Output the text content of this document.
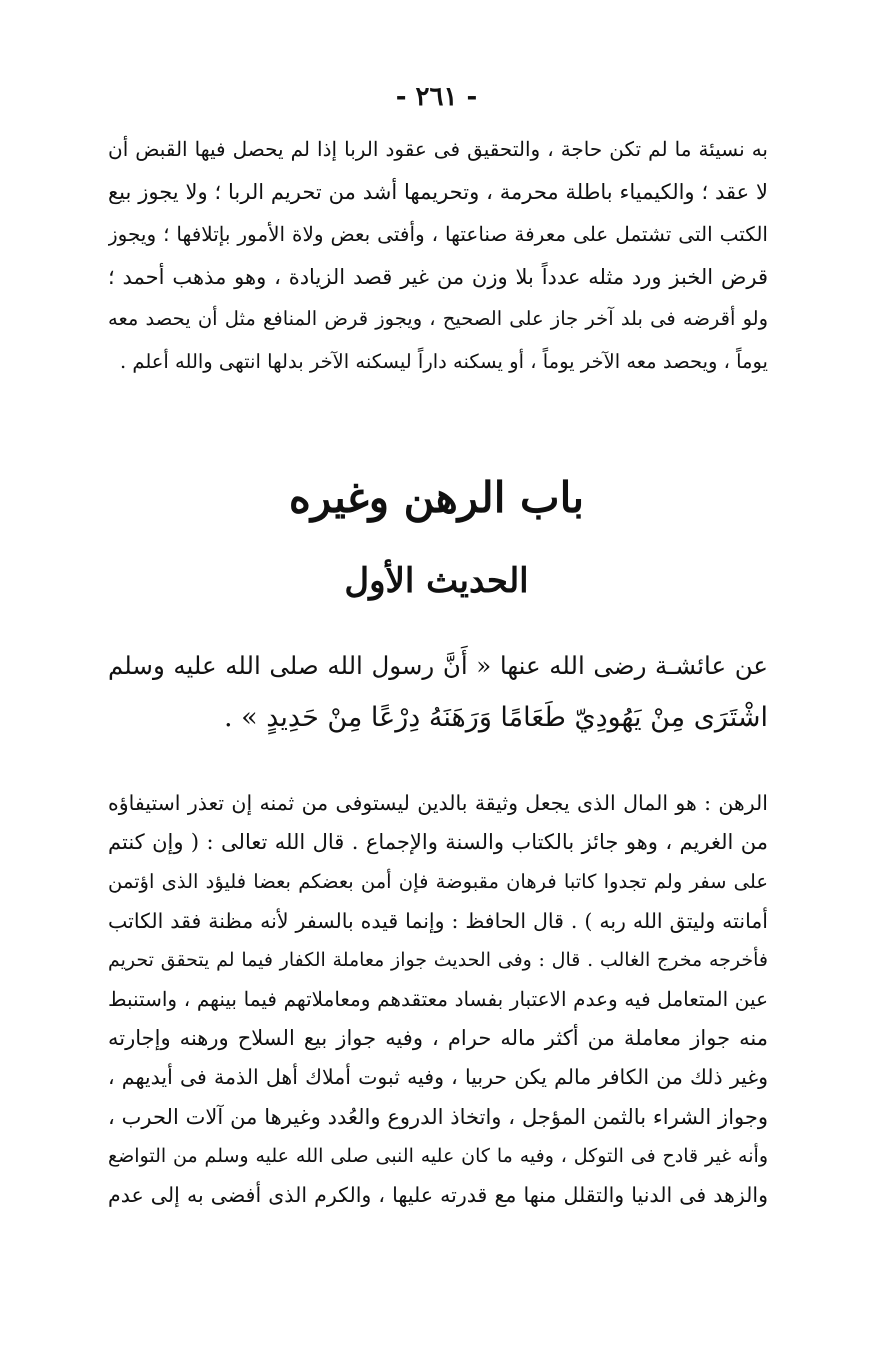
- ٢٦١ -
به نسيئة ما لم تكن حاجة ، والتحقيق فى عقود الربا إذا لم يحصل فيها القبض أن
لا عقد ؛ والكيمياء باطلة محرمة ، وتحريمها أشد من تحريم الربا ؛ ولا يجوز بيع
الكتب التى تشتمل على معرفة صناعتها ، وأفتى بعض ولاة الأمور بإتلافها ؛ ويجوز
قرض الخبز ورد مثله عدداً بلا وزن من غير قصد الزيادة ، وهو مذهب أحمد ؛
ولو أقرضه فى بلد آخر جاز على الصحيح ، ويجوز قرض المنافع مثل أن يحصد معه
يوماً ، ويحصد معه الآخر يوماً ، أو يسكنه داراً ليسكنه الآخر بدلها انتهى والله أعلم .
باب الرهن وغيره
الحديث الأول
عن عائشـة رضى الله عنها « أَنَّ رسول الله صلى الله عليه وسلم
اشْتَرَى مِنْ يَهُودِيّ طَعَامًا وَرَهَنَهُ دِرْعًا مِنْ حَدِيدٍ » .
الرهن : هو المال الذى يجعل وثيقة بالدين ليستوفى من ثمنه إن تعذر استيفاؤه
من الغريم ، وهو جائز بالكتاب والسنة والإجماع . قال الله تعالى : ( وإن كنتم
على سفر ولم تجدوا كاتبا فرهان مقبوضة فإن أمن بعضكم بعضا فليؤد الذى اؤتمن
أمانته وليتق الله ربه ) . قال الحافظ : وإنما قيده بالسفر لأنه مظنة فقد الكاتب
فأخرجه مخرج الغالب . قال : وفى الحديث جواز معاملة الكفار فيما لم يتحقق تحريم
عين المتعامل فيه وعدم الاعتبار بفساد معتقدهم ومعاملاتهم فيما بينهم ، واستنبط
منه جواز معاملة من أكثر ماله حرام ، وفيه جواز بيع السلاح ورهنه وإجارته
وغير ذلك من الكافر مالم يكن حربيا ، وفيه ثبوت أملاك أهل الذمة فى أيديهم ،
وجواز الشراء بالثمن المؤجل ، واتخاذ الدروع والعُدد وغيرها من آلات الحرب ،
وأنه غير قادح فى التوكل ، وفيه ما كان عليه النبى صلى الله عليه وسلم من التواضع
والزهد فى الدنيا والتقلل منها مع قدرته عليها ، والكرم الذى أفضى به إلى عدم
